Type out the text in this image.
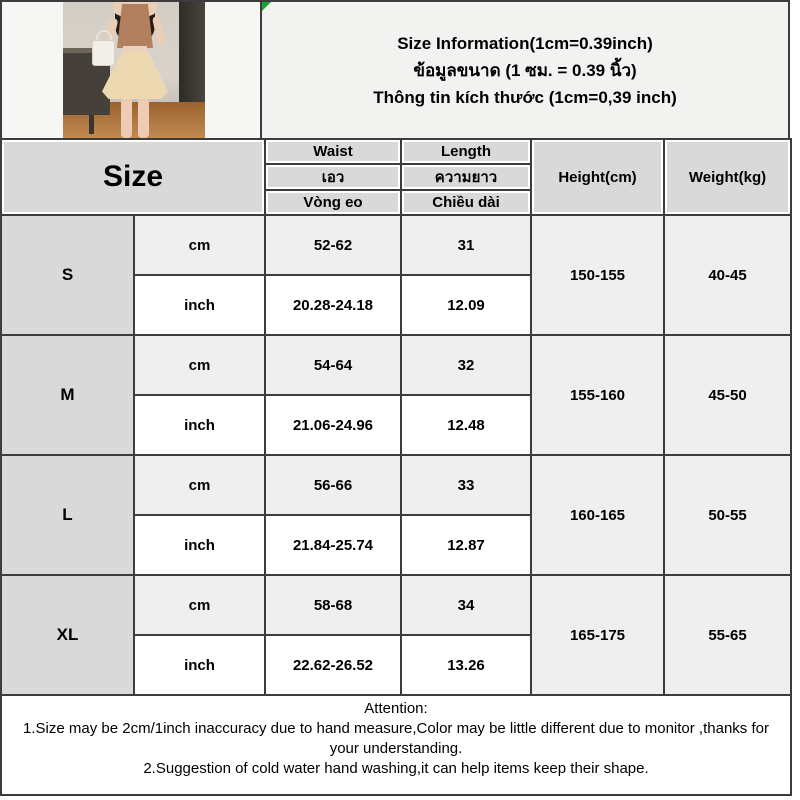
Size Information(1cm=0.39inch)
ข้อมูลขนาด (1 ซม. = 0.39 นิ้ว)
Thông tin kích thước (1cm=0,39 inch)
Size		Waist	Length	Height(cm)	Weight(kg)
		เอว	ความยาว		
		Vòng eo	Chiều dài		
S	cm	52-62	31	150-155	40-45
	inch	20.28-24.18	12.09		
M	cm	54-64	32	155-160	45-50
	inch	21.06-24.96	12.48		
L	cm	56-66	33	160-165	50-55
	inch	21.84-25.74	12.87		
XL	cm	58-68	34	165-175	55-65
	inch	22.62-26.52	13.26		

Attention:
1.Size may be 2cm/1inch inaccuracy due to hand measure,Color may be little different due to monitor ,thanks for your understanding.
2.Suggestion of cold water hand washing,it can help items keep their shape.					
